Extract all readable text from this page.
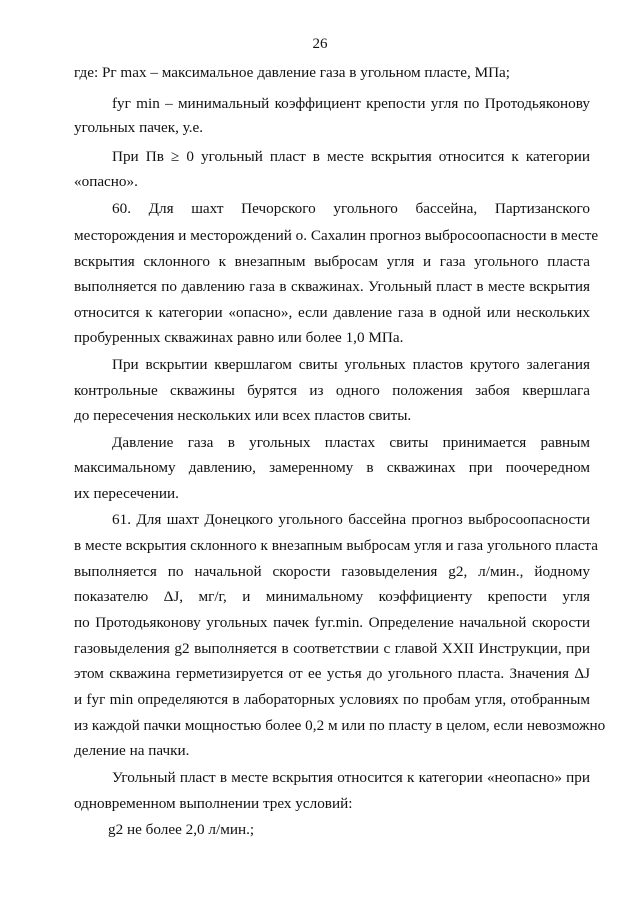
26
где: Pг max – максимальное давление газа в угольном пласте, МПа;
fуг min – минимальный коэффициент крепости угля по Протодьяконову
угольных пачек, у.е.
При Пв ≥ 0 угольный пласт в месте вскрытия относится к категории
«опасно».
60. Для шахт Печорского угольного бассейна, Партизанского
месторождения и месторождений о. Сахалин прогноз выбросоопасности в месте
вскрытия склонного к внезапным выбросам угля и газа угольного пласта
выполняется по давлению газа в скважинах. Угольный пласт в месте вскрытия
относится к категории «опасно», если давление газа в одной или нескольких
пробуренных скважинах равно или более 1,0 МПа.
При вскрытии квершлагом свиты угольных пластов крутого залегания
контрольные скважины бурятся из одного положения забоя квершлага
до пересечения нескольких или всех пластов свиты.
Давление газа в угольных пластах свиты принимается равным
максимальному давлению, замеренному в скважинах при поочередном
их пересечении.
61. Для шахт Донецкого угольного бассейна прогноз выбросоопасности
в месте вскрытия склонного к внезапным выбросам угля и газа угольного пласта
выполняется по начальной скорости газовыделения g2, л/мин., йодному
показателю ΔJ, мг/г, и минимальному коэффициенту крепости угля
по Протодьяконову угольных пачек fуг.min. Определение начальной скорости
газовыделения g2 выполняется в соответствии с главой XXII Инструкции, при
этом скважина герметизируется от ее устья до угольного пласта. Значения ΔJ
и fуг min определяются в лабораторных условиях по пробам угля, отобранным
из каждой пачки мощностью более 0,2 м или по пласту в целом, если невозможно
деление на пачки.
Угольный пласт в месте вскрытия относится к категории «неопасно» при
одновременном выполнении трех условий:
g2 не более 2,0 л/мин.;
